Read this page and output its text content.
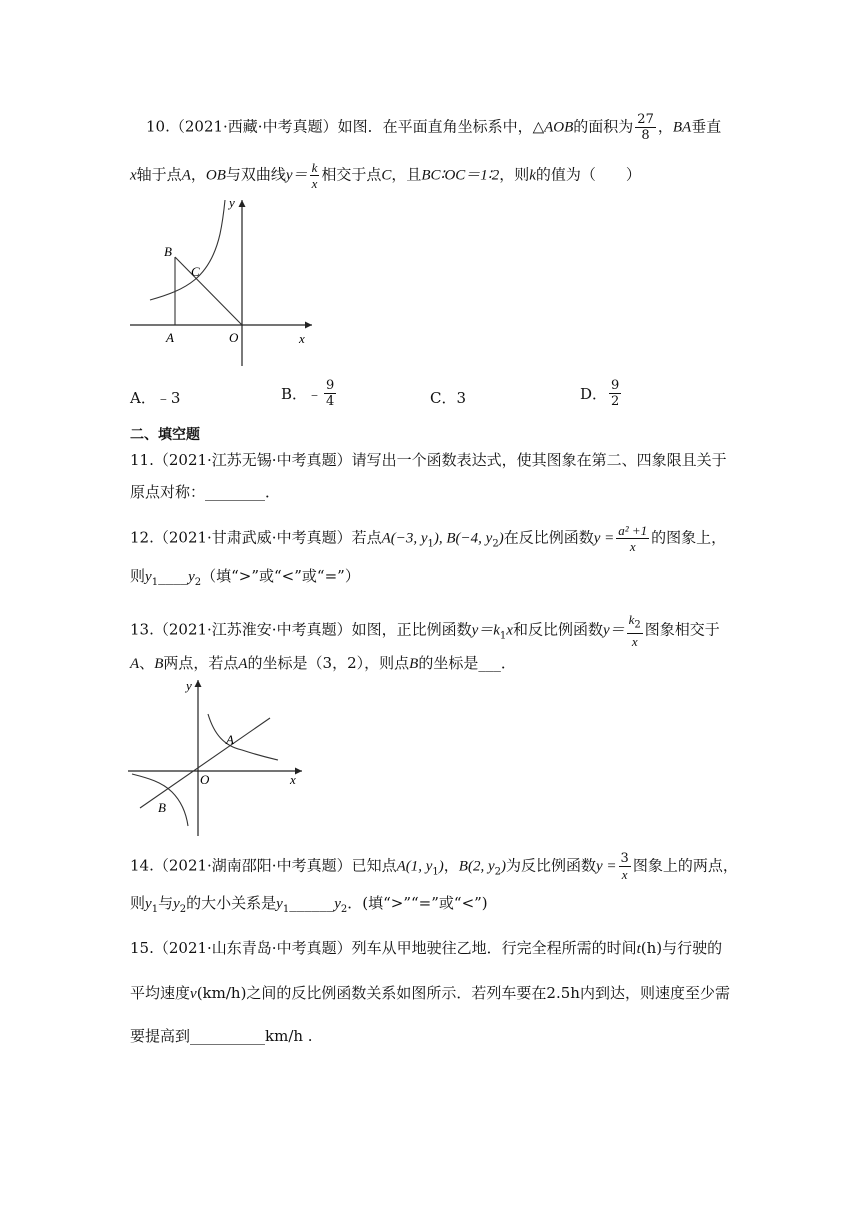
10.（2021·西藏·中考真题）如图．在平面直角坐标系中，△AOB的面积为 $\frac{27}{8}$ ，BA垂直
x轴于点A，OB与双曲线$y= \frac{k}{x}$ 相交于点C，且BC∶OC＝1∶2，则k的值为（　　）
y
B
C
A	O	x
A．﹣3	B．﹣ $\frac{9}{4}$	C．3	D． $\frac{9}{2}$
二、填空题
11.（2021·江苏无锡·中考真题）请写出一个函数表达式，使其图象在第二、四象限且关于
原点对称：________．
12.（2021·甘肃武威·中考真题）若点A(−3, $y_1$), B(−4, $y_2$)在反比例函数$y = \frac{\text{a² +1}}{x}$ 的图象上，
则$y_1\_\_\_\_y_2$（填“>”或“<”或“=”）
13.（2021·江苏淮安·中考真题）如图，正比例函数$y=k_1x$和反比例函数$y= \frac{k_2}{x}$ 图象相交于
A、B两点，若点A的坐标是（3，2），则点B的坐标是___．
y
A
O	x
B
14.（2021·湖南邵阳·中考真题）已知点A(1, $y_1$)，B(2, $y_2$)为反比例函数$y = \frac{3}{x}$ 图象上的两点，
则$y_1$与$y_2$的大小关系是$y_1\_\_\_\_\_\_y_2$．(填“>”“=”或“<”)
15.（2021·山东青岛·中考真题）列车从甲地驶往乙地．行完全程所需的时间t(h)与行驶的
平均速度v(km/h)之间的反比例函数关系如图所示．若列车要在2.5h内到达，则速度至少需
要提高到__________km/h .
